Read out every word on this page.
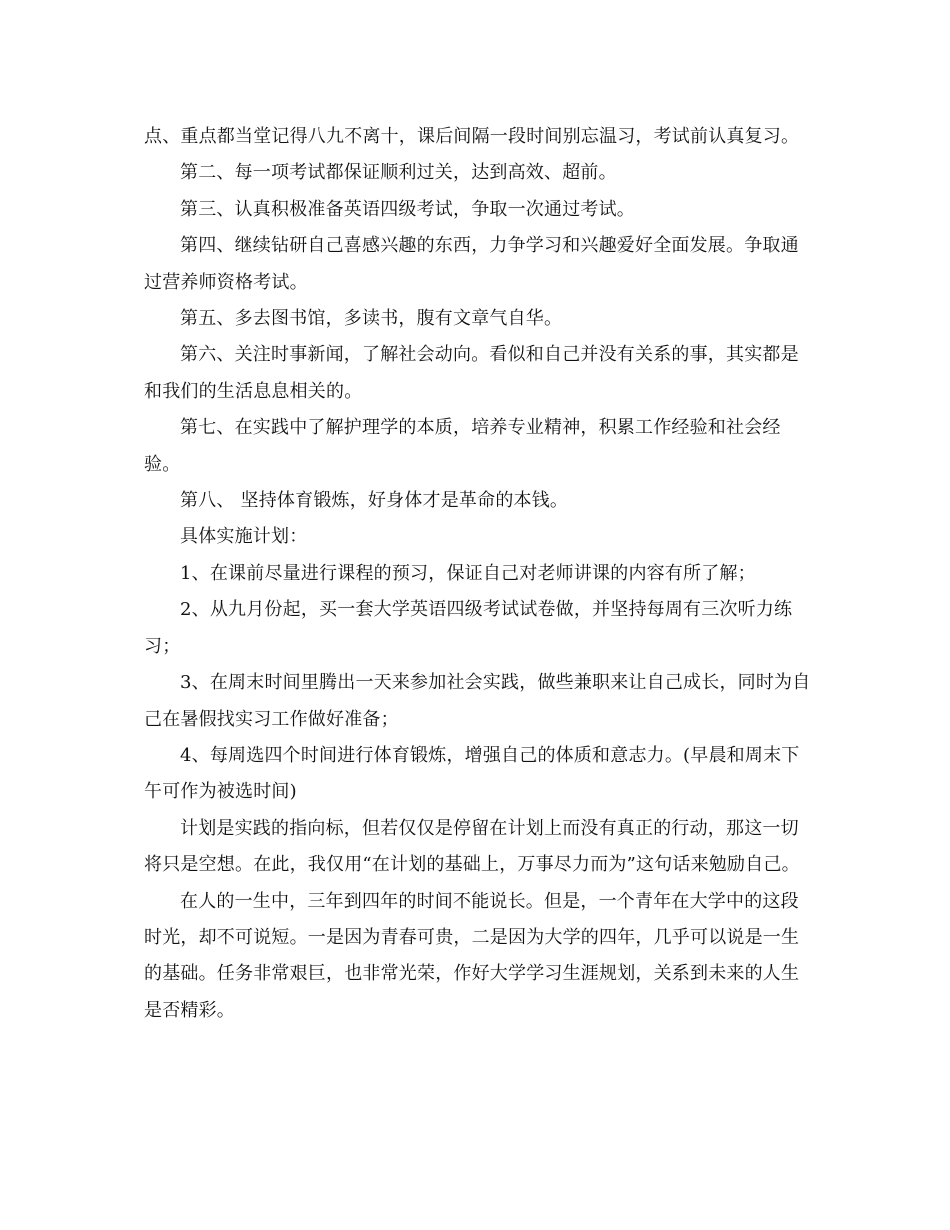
点、重点都当堂记得八九不离十，课后间隔一段时间别忘温习，考试前认真复习。

第二、每一项考试都保证顺利过关，达到高效、超前。

第三、认真积极准备英语四级考试，争取一次通过考试。

第四、继续钻研自己喜感兴趣的东西，力争学习和兴趣爱好全面发展。争取通过营养师资格考试。

第五、多去图书馆，多读书，腹有文章气自华。

第六、关注时事新闻，了解社会动向。看似和自己并没有关系的事，其实都是和我们的生活息息相关的。

第七、在实践中了解护理学的本质，培养专业精神，积累工作经验和社会经验。

第八、 坚持体育锻炼，好身体才是革命的本钱。

具体实施计划：

1、在课前尽量进行课程的预习，保证自己对老师讲课的内容有所了解；

2、从九月份起，买一套大学英语四级考试试卷做，并坚持每周有三次听力练习；

3、在周末时间里腾出一天来参加社会实践，做些兼职来让自己成长，同时为自己在暑假找实习工作做好准备；

4、每周选四个时间进行体育锻炼，增强自己的体质和意志力。(早晨和周末下午可作为被选时间)

计划是实践的指向标，但若仅仅是停留在计划上而没有真正的行动，那这一切将只是空想。在此，我仅用“在计划的基础上，万事尽力而为”这句话来勉励自己。

在人的一生中，三年到四年的时间不能说长。但是，一个青年在大学中的这段时光，却不可说短。一是因为青春可贵，二是因为大学的四年，几乎可以说是一生的基础。任务非常艰巨，也非常光荣，作好大学学习生涯规划，关系到未来的人生是否精彩。
